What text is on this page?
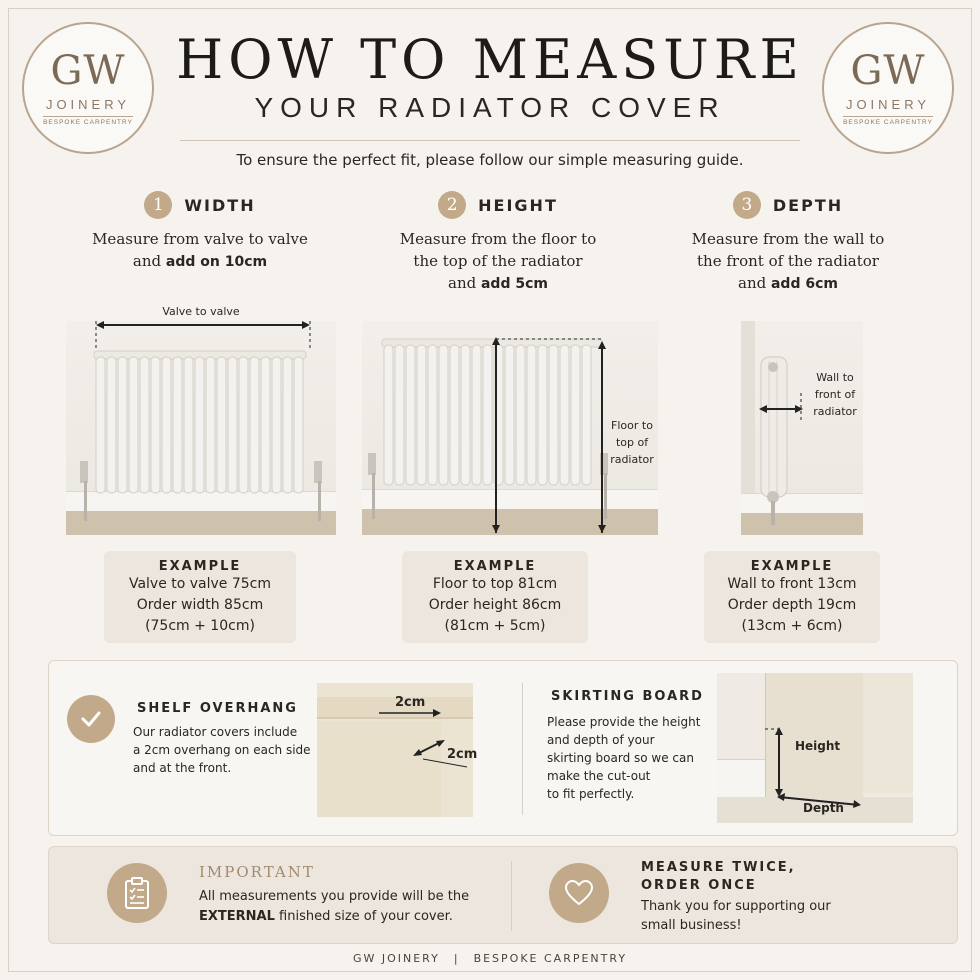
GW
JOINERY
BESPOKE CARPENTRY
GW
JOINERY
BESPOKE CARPENTRY
HOW TO MEASURE
YOUR RADIATOR COVER
To ensure the perfect fit, please follow our simple measuring guide.
1	WIDTH
Measure from valve to valve
and add on 10cm
2	HEIGHT
Measure from the floor to
the top of the radiator
and add 5cm
3	DEPTH
Measure from the wall to
the front of the radiator
and add 6cm
Valve to valve
Floor to
top of
radiator
Wall to
front of
radiator
EXAMPLE
Valve to valve 75cm
Order width 85cm
(75cm + 10cm)
EXAMPLE
Floor to top 81cm
Order height 86cm
(81cm + 5cm)
EXAMPLE
Wall to front 13cm
Order depth 19cm
(13cm + 6cm)
SHELF OVERHANG
Our radiator covers include
a 2cm overhang on each side
and at the front.
2cm
2cm
SKIRTING BOARD
Please provide the height
and depth of your
skirting board so we can
make the cut-out
to fit perfectly.
Height
Depth
IMPORTANT
All measurements you provide will be the
EXTERNAL finished size of your cover.
MEASURE TWICE,
ORDER ONCE
Thank you for supporting our
small business!
GW JOINERY | BESPOKE CARPENTRY
